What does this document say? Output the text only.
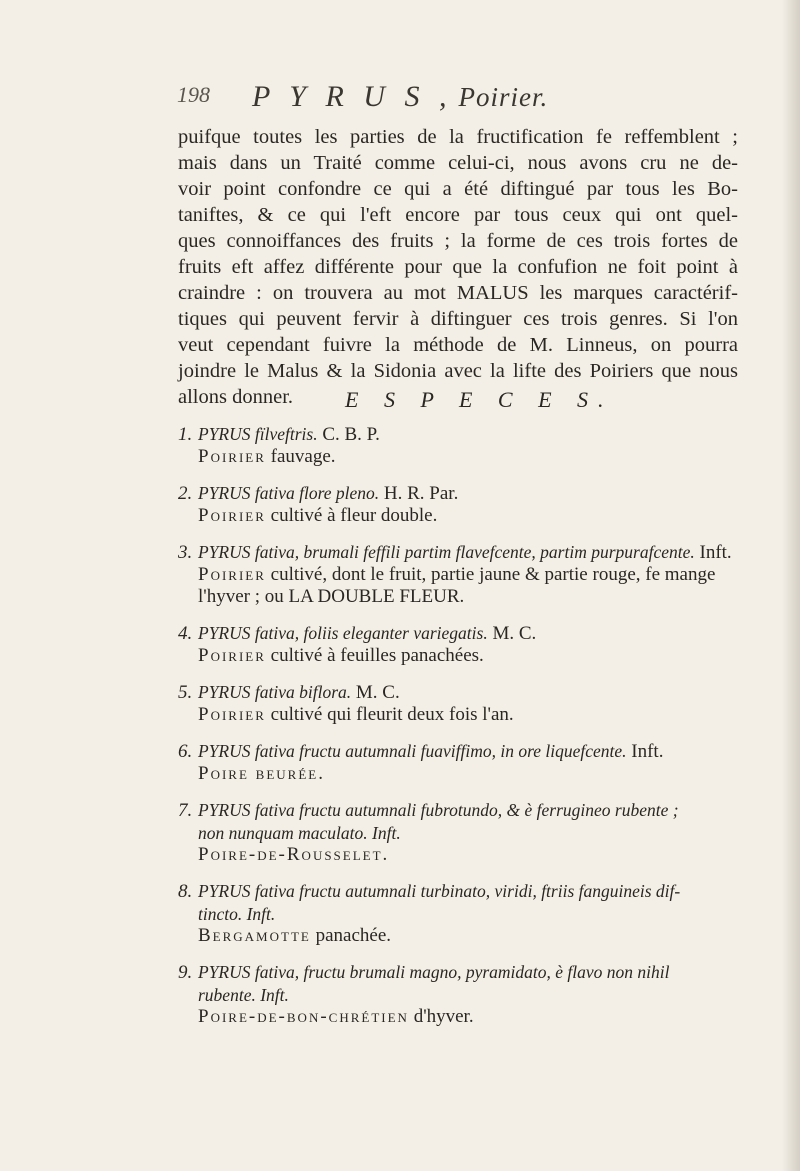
198 P Y R U S , Poirier.
puifque toutes les parties de la fructification fe reffemblent ;
mais dans un Traité comme celui-ci, nous avons cru ne de-
voir point confondre ce qui a été diftingué par tous les Bo-
taniftes, & ce qui l'eft encore par tous ceux qui ont quel-
ques connoiffances des fruits ; la forme de ces trois fortes de
fruits eft affez différente pour que la confufion ne foit point à
craindre : on trouvera au mot MALUS les marques caractérif-
tiques qui peuvent fervir à diftinguer ces trois genres. Si l'on
veut cependant fuivre la méthode de M. Linneus, on pourra
joindre le Malus & la Sidonia avec la lifte des Poiriers que nous
allons donner.	E S P E C E S.
1. PYRUS fïlveftris. C. B. P.
Poirier fauvage.
2. PYRUS fativa flore pleno. H. R. Par.
Poirier cultivé à fleur double.
3. PYRUS fativa, brumali feffili partim flavefcente, partim purpurafcente. Inft.
Poirier cultivé, dont le fruit, partie jaune & partie rouge, fe mange l'hyver ; ou LA DOUBLE FLEUR.
4. PYRUS fativa, foliis eleganter variegatis. M. C.
Poirier cultivé à feuilles panachées.
5. PYRUS fativa biflora. M. C.
Poirier cultivé qui fleurit deux fois l'an.
6. PYRUS fativa fructu autumnali fuaviffimo, in ore liquefcente. Inft.
Poire beurée.
7. PYRUS fativa fructu autumnali fubrotundo, & è ferrugineo rubente ;
non nunquam maculato. Inft.
Poire-de-Rousselet.
8. PYRUS fativa fructu autumnali turbinato, viridi, ftriis fanguineis dif-
tincto. Inft.
Bergamotte panachée.
9. PYRUS fativa, fructu brumali magno, pyramidato, è flavo non nihil
rubente. Inft.
Poire-de-bon-chrétien d'hyver.
